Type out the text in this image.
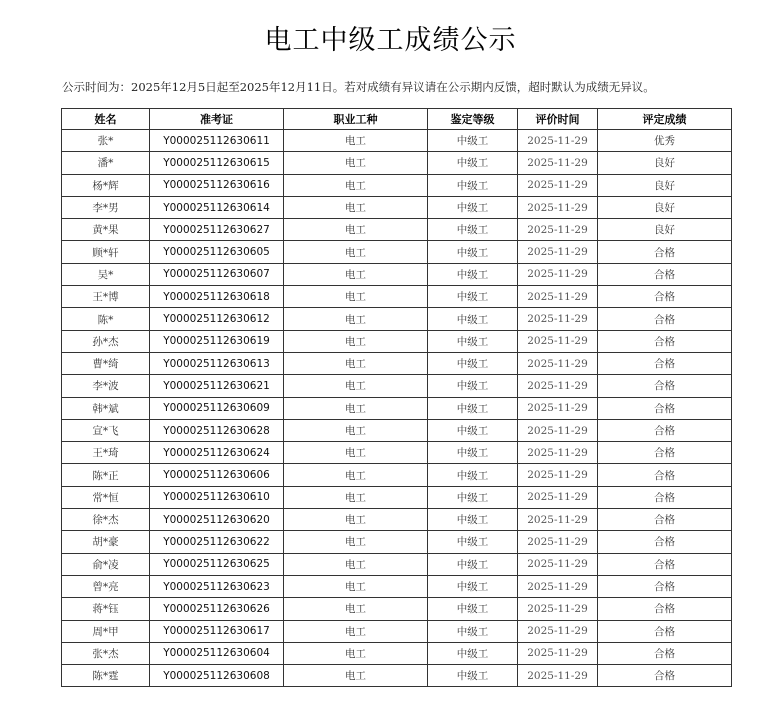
电工中级工成绩公示
公示时间为：2025年12月5日起至2025年12月11日。若对成绩有异议请在公示期内反馈，超时默认为成绩无异议。
姓名	准考证	职业工种	鉴定等级	评价时间	评定成绩
张*	Y000025112630611	电工	中级工	2025-11-29	优秀
潘*	Y000025112630615	电工	中级工	2025-11-29	良好
杨*辉	Y000025112630616	电工	中级工	2025-11-29	良好
李*男	Y000025112630614	电工	中级工	2025-11-29	良好
黄*果	Y000025112630627	电工	中级工	2025-11-29	良好
顾*轩	Y000025112630605	电工	中级工	2025-11-29	合格
吴*	Y000025112630607	电工	中级工	2025-11-29	合格
王*博	Y000025112630618	电工	中级工	2025-11-29	合格
陈*	Y000025112630612	电工	中级工	2025-11-29	合格
孙*杰	Y000025112630619	电工	中级工	2025-11-29	合格
曹*绮	Y000025112630613	电工	中级工	2025-11-29	合格
李*波	Y000025112630621	电工	中级工	2025-11-29	合格
韩*斌	Y000025112630609	电工	中级工	2025-11-29	合格
宣*飞	Y000025112630628	电工	中级工	2025-11-29	合格
王*琦	Y000025112630624	电工	中级工	2025-11-29	合格
陈*正	Y000025112630606	电工	中级工	2025-11-29	合格
常*恒	Y000025112630610	电工	中级工	2025-11-29	合格
徐*杰	Y000025112630620	电工	中级工	2025-11-29	合格
胡*豪	Y000025112630622	电工	中级工	2025-11-29	合格
俞*凌	Y000025112630625	电工	中级工	2025-11-29	合格
曾*亮	Y000025112630623	电工	中级工	2025-11-29	合格
蒋*钰	Y000025112630626	电工	中级工	2025-11-29	合格
周*甲	Y000025112630617	电工	中级工	2025-11-29	合格
张*杰	Y000025112630604	电工	中级工	2025-11-29	合格
陈*霆	Y000025112630608	电工	中级工	2025-11-29	合格
